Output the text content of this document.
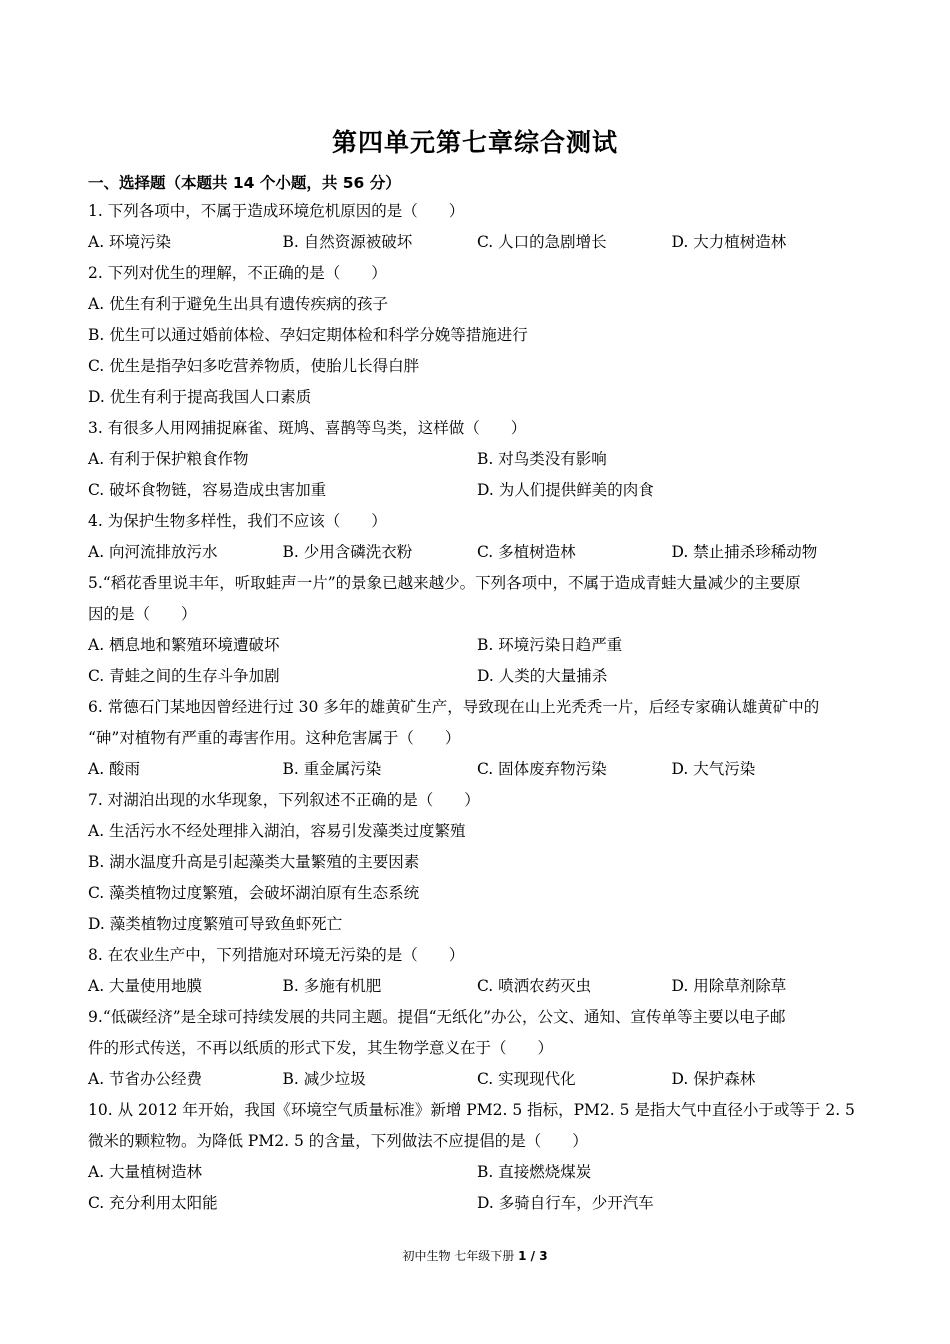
第四单元第七章综合测试
一、选择题（本题共 14 个小题，共 56 分）
1. 下列各项中，不属于造成环境危机原因的是（　　）
A. 环境污染	B. 自然资源被破坏	C. 人口的急剧增长	D. 大力植树造林
2. 下列对优生的理解，不正确的是（　　）
A. 优生有利于避免生出具有遗传疾病的孩子
B. 优生可以通过婚前体检、孕妇定期体检和科学分娩等措施进行
C. 优生是指孕妇多吃营养物质，使胎儿长得白胖
D. 优生有利于提高我国人口素质
3. 有很多人用网捕捉麻雀、斑鸠、喜鹊等鸟类，这样做（　　）
A. 有利于保护粮食作物	B. 对鸟类没有影响
C. 破坏食物链，容易造成虫害加重	D. 为人们提供鲜美的肉食
4. 为保护生物多样性，我们不应该（　　）
A. 向河流排放污水	B. 少用含磷洗衣粉	C. 多植树造林	D. 禁止捕杀珍稀动物
5.“稻花香里说丰年，听取蛙声一片”的景象已越来越少。下列各项中，不属于造成青蛙大量减少的主要原
因的是（　　）
A. 栖息地和繁殖环境遭破坏	B. 环境污染日趋严重
C. 青蛙之间的生存斗争加剧	D. 人类的大量捕杀
6. 常德石门某地因曾经进行过 30 多年的雄黄矿生产，导致现在山上光秃秃一片，后经专家确认雄黄矿中的
“砷”对植物有严重的毒害作用。这种危害属于（　　）
A. 酸雨	B. 重金属污染	C. 固体废弃物污染	D. 大气污染
7. 对湖泊出现的水华现象，下列叙述不正确的是（　　）
A. 生活污水不经处理排入湖泊，容易引发藻类过度繁殖
B. 湖水温度升高是引起藻类大量繁殖的主要因素
C. 藻类植物过度繁殖，会破坏湖泊原有生态系统
D. 藻类植物过度繁殖可导致鱼虾死亡
8. 在农业生产中，下列措施对环境无污染的是（　　）
A. 大量使用地膜	B. 多施有机肥	C. 喷洒农药灭虫	D. 用除草剂除草
9.“低碳经济”是全球可持续发展的共同主题。提倡“无纸化”办公，公文、通知、宣传单等主要以电子邮
件的形式传送，不再以纸质的形式下发，其生物学意义在于（　　）
A. 节省办公经费	B. 减少垃圾	C. 实现现代化	D. 保护森林
10. 从 2012 年开始，我国《环境空气质量标准》新增 PM2. 5 指标，PM2. 5 是指大气中直径小于或等于 2. 5
微米的颗粒物。为降低 PM2. 5 的含量，下列做法不应提倡的是（　　）
A. 大量植树造林	B. 直接燃烧煤炭
C. 充分利用太阳能	D. 多骑自行车，少开汽车
初中生物 七年级下册 1 / 3
